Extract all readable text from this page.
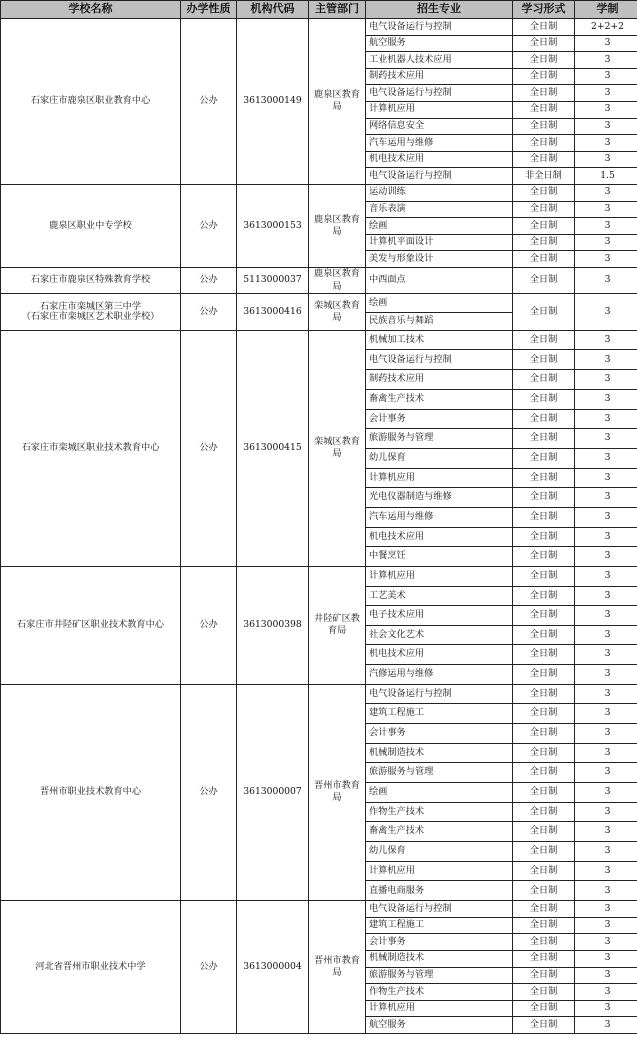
学校名称	办学性质	机构代码	主管部门	招生专业	学习形式	学制

石家庄市鹿泉区职业教育中心	公办	3613000149	鹿泉区教育局	电气设备运行与控制	全日制	2+2+2
				航空服务	全日制	3
				工业机器人技术应用	全日制	3
				制药技术应用	全日制	3
				电气设备运行与控制	全日制	3
				计算机应用	全日制	3
				网络信息安全	全日制	3
				汽车运用与维修	全日制	3
				机电技术应用	全日制	3
				电气设备运行与控制	非全日制	1.5

鹿泉区职业中专学校	公办	3613000153	鹿泉区教育局	运动训练	全日制	3
				音乐表演	全日制	3
				绘画	全日制	3
				计算机平面设计	全日制	3
				美发与形象设计	全日制	3

石家庄市鹿泉区特殊教育学校	公办	5113000037	鹿泉区教育局	中西面点	全日制	3

石家庄市栾城区第三中学
（石家庄市栾城区艺术职业学校）	公办	3613000416	栾城区教育局	绘画	全日制	3
				民族音乐与舞蹈		

石家庄市栾城区职业技术教育中心	公办	3613000415	栾城区教育局	机械加工技术	全日制	3
				电气设备运行与控制	全日制	3
				制药技术应用	全日制	3
				畜禽生产技术	全日制	3
				会计事务	全日制	3
				旅游服务与管理	全日制	3
				幼儿保育	全日制	3
				计算机应用	全日制	3
				光电仪器制造与维修	全日制	3
				汽车运用与维修	全日制	3
				机电技术应用	全日制	3
				中餐烹饪	全日制	3

石家庄市井陉矿区职业技术教育中心	公办	3613000398	井陉矿区教育局	计算机应用	全日制	3
				工艺美术	全日制	3
				电子技术应用	全日制	3
				社会文化艺术	全日制	3
				机电技术应用	全日制	3
				汽修运用与维修	全日制	3

晋州市职业技术教育中心	公办	3613000007	晋州市教育局	电气设备运行与控制	全日制	3
				建筑工程施工	全日制	3
				会计事务	全日制	3
				机械制造技术	全日制	3
				旅游服务与管理	全日制	3
				绘画	全日制	3
				作物生产技术	全日制	3
				畜禽生产技术	全日制	3
				幼儿保育	全日制	3
				计算机应用	全日制	3
				直播电商服务	全日制	3

河北省晋州市职业技术中学	公办	3613000004	晋州市教育局	电气设备运行与控制	全日制	3
				建筑工程施工	全日制	3
				会计事务	全日制	3
				机械制造技术	全日制	3
				旅游服务与管理	全日制	3
				作物生产技术	全日制	3
				计算机应用	全日制	3
				航空服务	全日制	3
